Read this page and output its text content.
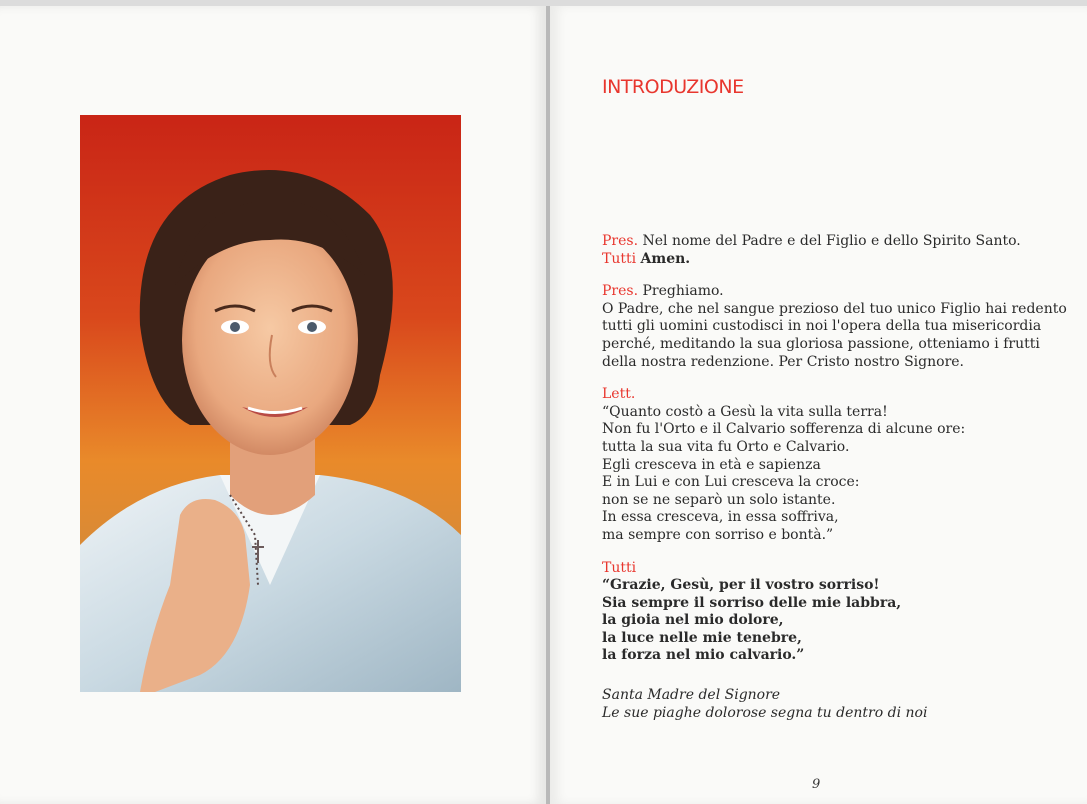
INTRODUZIONE
Pres. Nel nome del Padre e del Figlio e dello Spirito Santo.
Tutti Amen.
Pres. Preghiamo.
O Padre, che nel sangue prezioso del tuo unico Figlio hai redento
tutti gli uomini custodisci in noi l'opera della tua misericordia
perché, meditando la sua gloriosa passione, otteniamo i frutti
della nostra redenzione. Per Cristo nostro Signore.
Lett.
“Quanto costò a Gesù la vita sulla terra!
Non fu l'Orto e il Calvario sofferenza di alcune ore:
tutta la sua vita fu Orto e Calvario.
Egli cresceva in età e sapienza
E in Lui e con Lui cresceva la croce:
non se ne separò un solo istante.
In essa cresceva, in essa soffriva,
ma sempre con sorriso e bontà.”
Tutti
“Grazie, Gesù, per il vostro sorriso!
Sia sempre il sorriso delle mie labbra,
la gioia nel mio dolore,
la luce nelle mie tenebre,
la forza nel mio calvario.”
Santa Madre del Signore
Le sue piaghe dolorose segna tu dentro di noi
9
